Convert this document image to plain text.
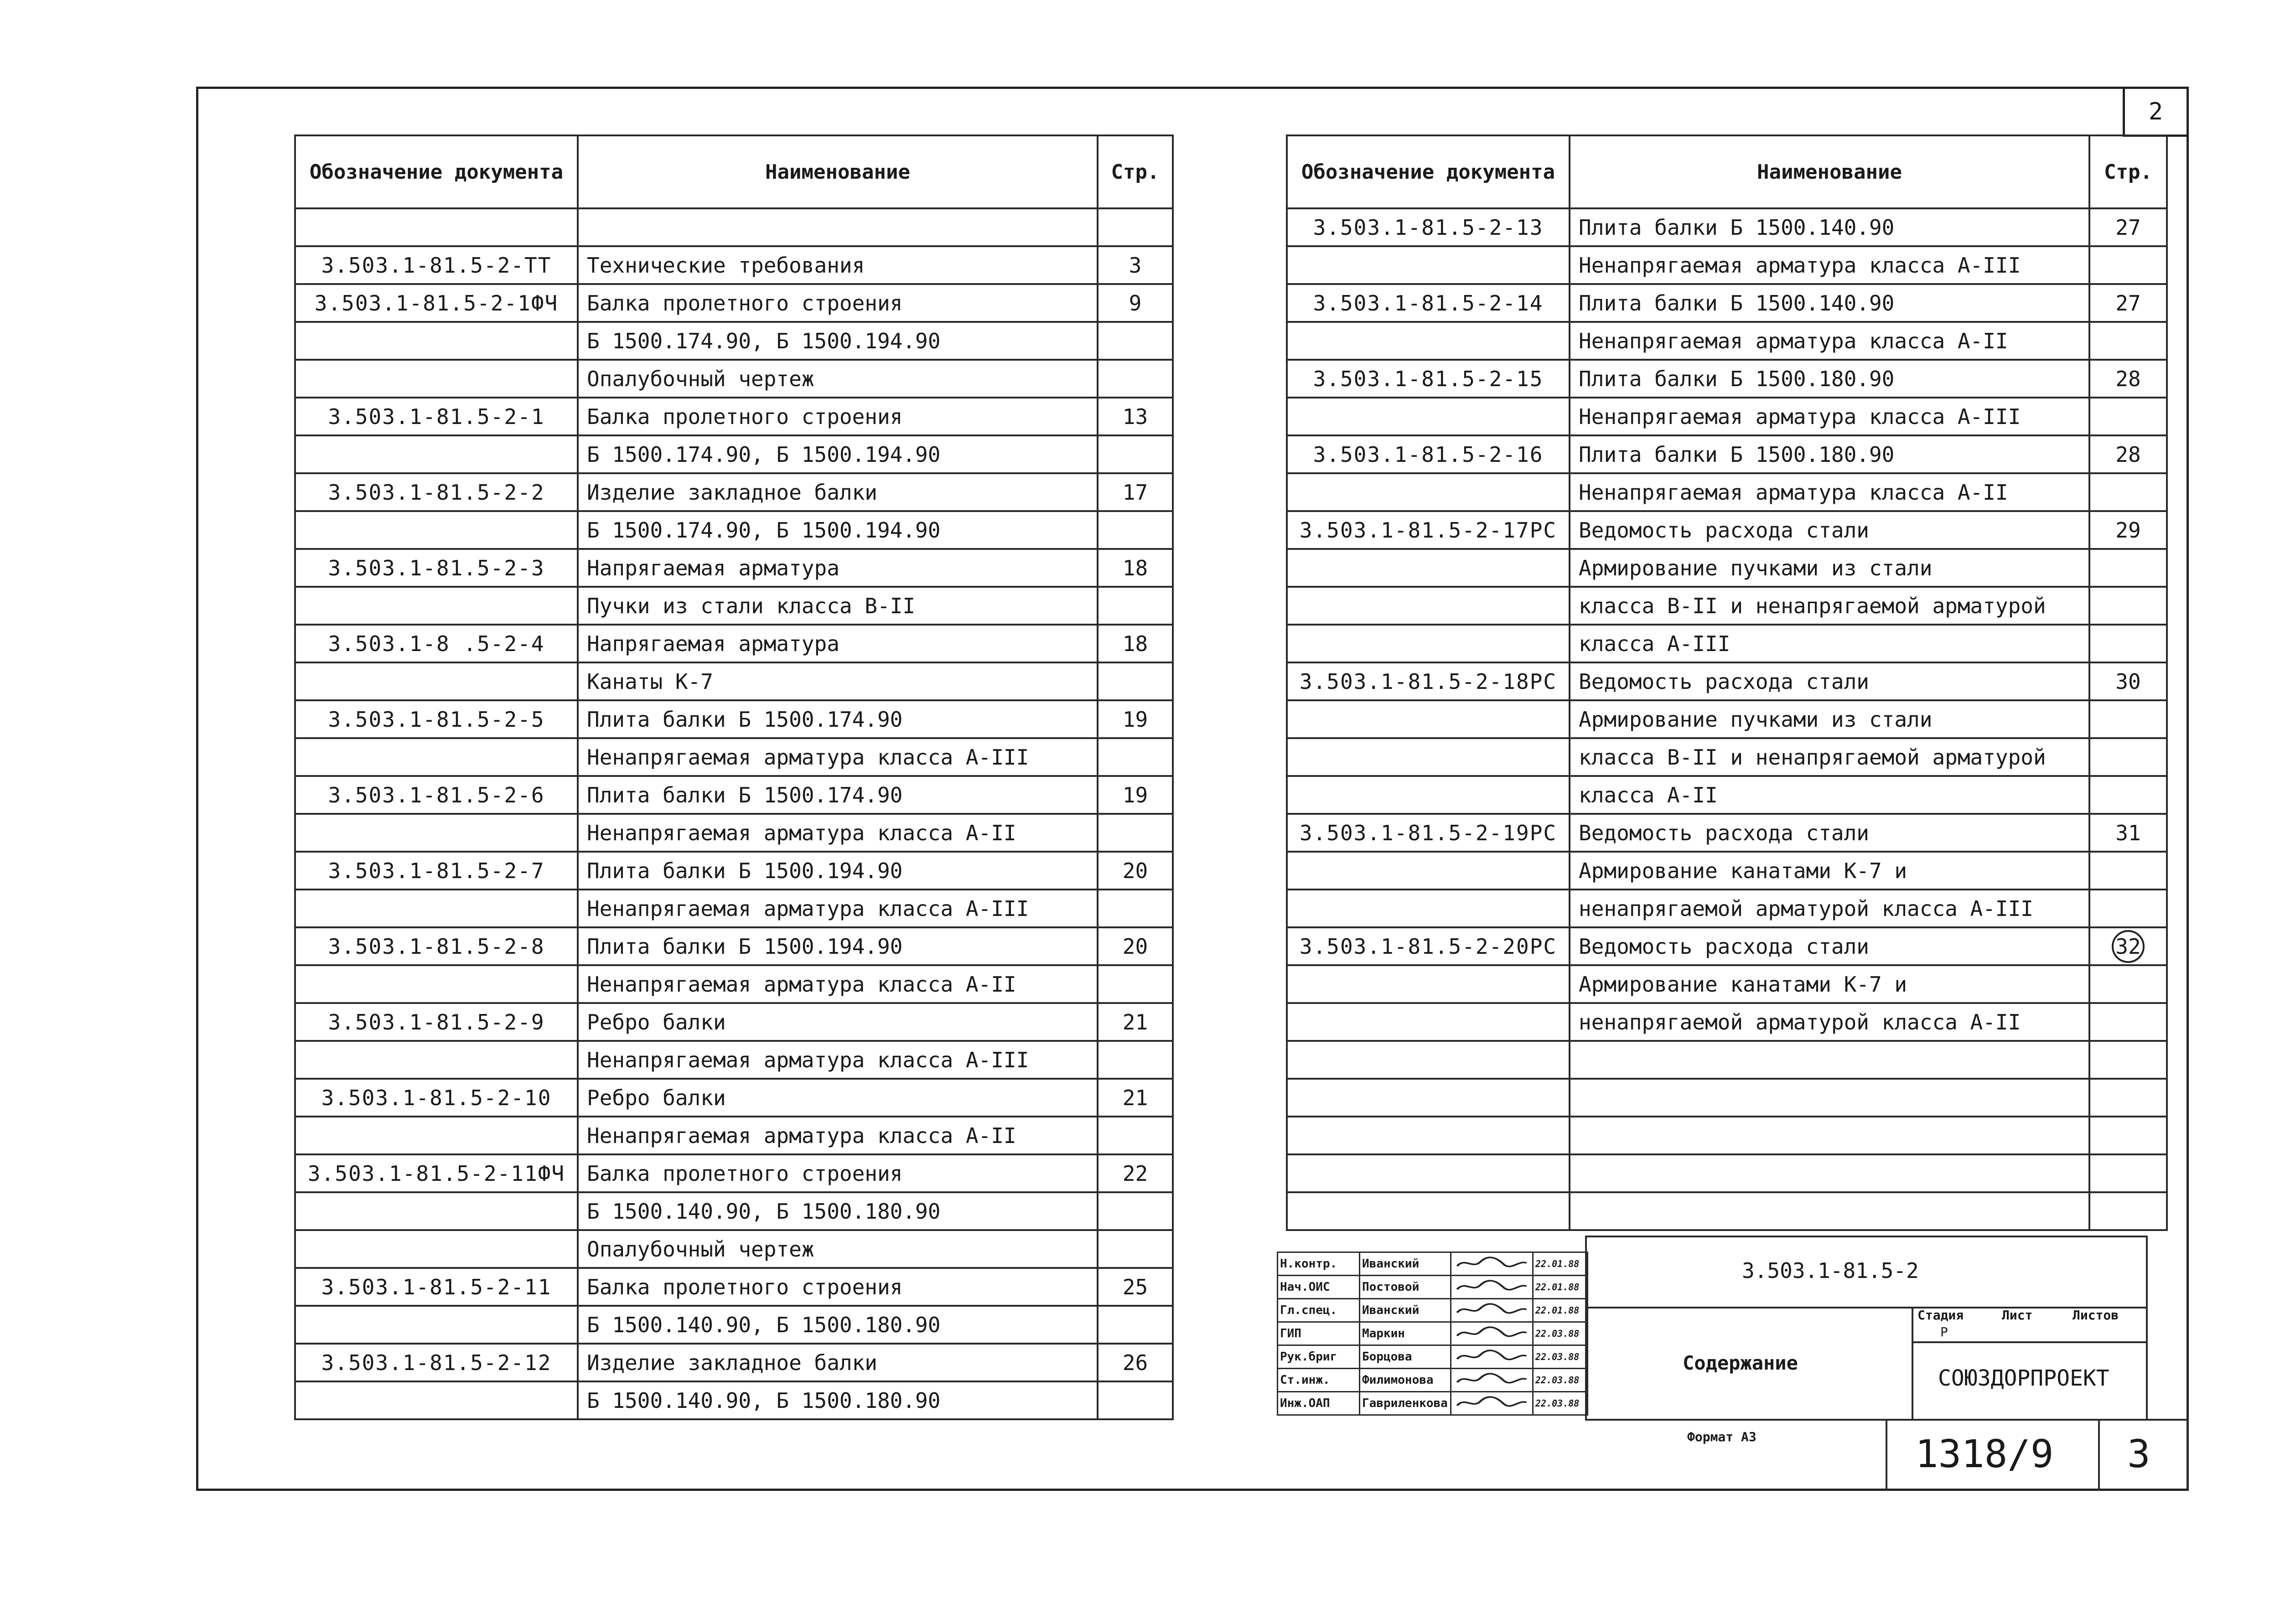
2
Обозначение документа	Наименование	Стр.

3.503.1-81.5-2-ТТ	Технические требования	3
3.503.1-81.5-2-1ФЧ	Балка пролетного строения	9
	Б 1500.174.90, Б 1500.194.90	
	Опалубочный чертеж	
3.503.1-81.5-2-1	Балка пролетного строения	13
	Б 1500.174.90, Б 1500.194.90	
3.503.1-81.5-2-2	Изделие закладное балки	17
	Б 1500.174.90, Б 1500.194.90	
3.503.1-81.5-2-3	Напрягаемая арматура	18
	Пучки из стали класса В-II	
3.503.1-8 .5-2-4	Напрягаемая арматура	18
	Канаты К-7	
3.503.1-81.5-2-5	Плита балки Б 1500.174.90	19
	Ненапрягаемая арматура класса А-III	
3.503.1-81.5-2-6	Плита балки Б 1500.174.90	19
	Ненапрягаемая арматура класса А-II	
3.503.1-81.5-2-7	Плита балки Б 1500.194.90	20
	Ненапрягаемая арматура класса А-III	
3.503.1-81.5-2-8	Плита балки Б 1500.194.90	20
	Ненапрягаемая арматура класса А-II	
3.503.1-81.5-2-9	Ребро балки	21
	Ненапрягаемая арматура класса А-III	
3.503.1-81.5-2-10	Ребро балки	21
	Ненапрягаемая арматура класса А-II	
3.503.1-81.5-2-11ФЧ	Балка пролетного строения	22
	Б 1500.140.90, Б 1500.180.90	
	Опалубочный чертеж	
3.503.1-81.5-2-11	Балка пролетного строения	25
	Б 1500.140.90, Б 1500.180.90	
3.503.1-81.5-2-12	Изделие закладное балки	26
	Б 1500.140.90, Б 1500.180.90	
Обозначение документа	Наименование	Стр.
3.503.1-81.5-2-13	Плита балки Б 1500.140.90	27
	Ненапрягаемая арматура класса А-III	
3.503.1-81.5-2-14	Плита балки Б 1500.140.90	27
	Ненапрягаемая арматура класса А-II	
3.503.1-81.5-2-15	Плита балки Б 1500.180.90	28
	Ненапрягаемая арматура класса А-III	
3.503.1-81.5-2-16	Плита балки Б 1500.180.90	28
	Ненапрягаемая арматура класса А-II	
3.503.1-81.5-2-17РС	Ведомость расхода стали	29
	Армирование пучками из стали	
	класса В-II и ненапрягаемой арматурой	
	класса А-III	
3.503.1-81.5-2-18РС	Ведомость расхода стали	30
	Армирование пучками из стали	
	класса В-II и ненапрягаемой арматурой	
	класса А-II	
3.503.1-81.5-2-19РС	Ведомость расхода стали	31
	Армирование канатами К-7 и	
	ненапрягаемой арматурой класса А-III	
3.503.1-81.5-2-20РС	Ведомость расхода стали	32
	Армирование канатами К-7 и	
	ненапрягаемой арматурой класса А-II	

Н.контр.	Иванский		22.01.88
Нач.ОИС	Постовой		22.01.88
Гл.спец.	Иванский		22.01.88
ГИП	Маркин		22.03.88
Рук.бриг	Борцова		22.03.88
Ст.инж.	Филимонова		22.03.88
Инж.ОАП	Гавриленкова		22.03.88
3.503.1-81.5-2
Содержание
Стадия	Лист	Листов
Р
СОЮЗДОРПРОЕКТ
Формат А3	1318/9 3
